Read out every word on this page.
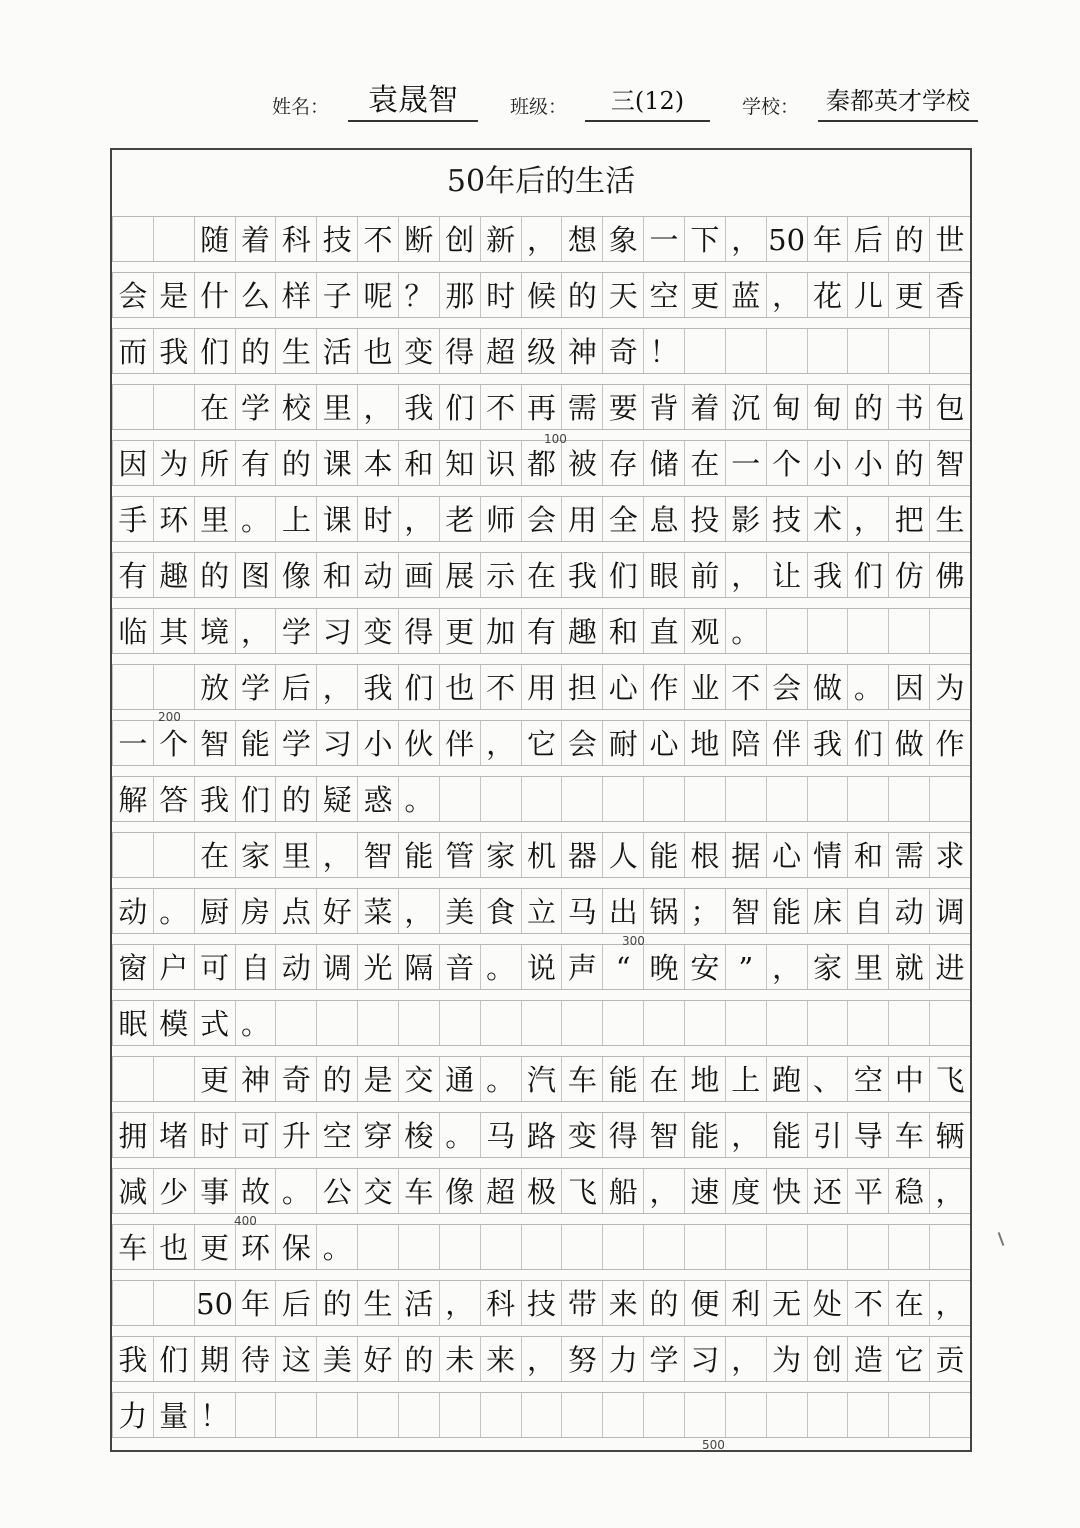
姓名：	袁晟智	班级：	三(12)	学校：	秦都英才学校
50年后的生活
随 着 科 技 不 断 创 新 ， 想 象 一 下 ， 50 年 后 的 世
会 是 什 么 样 子 呢 ？ 那 时 候 的 天 空 更 蓝 ， 花 儿 更 香
而 我 们 的 生 活 也 变 得 超 级 神 奇 ！
在 学 校 里 ， 我 们 不 再 需 要 背 着 沉 甸 甸 的 书 包
因 为 所 有 的 课 本 和 知 识 都 被 存 储 在 一 个 小 小 的 智
手 环 里 。 上 课 时 ， 老 师 会 用 全 息 投 影 技 术 ， 把 生
有 趣 的 图 像 和 动 画 展 示 在 我 们 眼 前 ， 让 我 们 仿 佛
临 其 境 ， 学 习 变 得 更 加 有 趣 和 直 观 。
放 学 后 ， 我 们 也 不 用 担 心 作 业 不 会 做 。 因 为
一 个 智 能 学 习 小 伙 伴 ， 它 会 耐 心 地 陪 伴 我 们 做 作
解 答 我 们 的 疑 惑 。
在 家 里 ， 智 能 管 家 机 器 人 能 根 据 心 情 和 需 求
动 。 厨 房 点 好 菜 ， 美 食 立 马 出 锅 ； 智 能 床 自 动 调
窗 户 可 自 动 调 光 隔 音 。 说 声 “ 晚 安 ” ， 家 里 就 进
眠 模 式 。
更 神 奇 的 是 交 通 。 汽 车 能 在 地 上 跑 、 空 中 飞
拥 堵 时 可 升 空 穿 梭 。 马 路 变 得 智 能 ， 能 引 导 车 辆
减 少 事 故 。 公 交 车 像 超 极 飞 船 ， 速 度 快 还 平 稳 ，
车 也 更 环 保 。
50 年 后 的 生 活 ， 科 技 带 来 的 便 利 无 处 不 在 ，
我 们 期 待 这 美 好 的 未 来 ， 努 力 学 习 ， 为 创 造 它 贡
力 量 ！
100
200
300
400
500
